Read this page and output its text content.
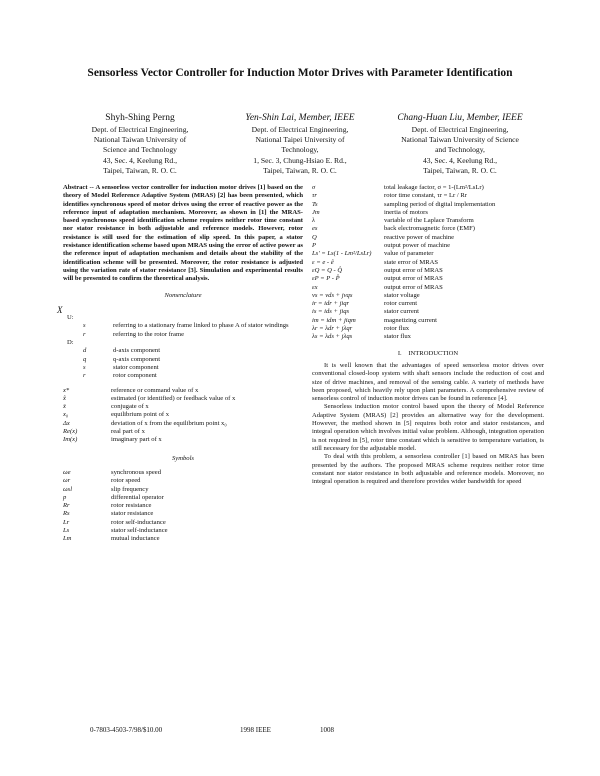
Sensorless Vector Controller for Induction Motor Drives with Parameter Identification
Shyh-Shing Perng
Dept. of Electrical Engineering,
National Taiwan University of
Science and Technology
43, Sec. 4, Keelung Rd.,
Taipei, Taiwan, R. O. C.
Yen-Shin Lai, Member, IEEE
Dept. of Electrical Engineering,
National Taipei University of
Technology,
1, Sec. 3, Chung-Hsiao E. Rd.,
Taipei, Taiwan, R. O. C.
Chang-Huan Liu, Member, IEEE
Dept. of Electrical Engineering,
National Taiwan University of Science
and Technology,
43, Sec. 4, Keelung Rd.,
Taipei, Taiwan, R. O. C.
Abstract -- A sensorless vector controller for induction motor drives [1] based on the theory of Model Reference Adaptive System (MRAS) [2] has been presented, which identifies synchronous speed of motor drives using the error of reactive power as the reference input of adaptation mechanism. Moreover, as shown in [1] the MRAS-based synchronous speed identification scheme requires neither rotor time constant nor stator resistance in both adjustable and reference models. However, rotor resistance is still used for the estimation of slip speed. In this paper, a stator resistance identification scheme based upon MRAS using the error of active power as the reference input of adaptation mechanism and details about the stability of the identification scheme will be presented. Moreover, the rotor resistance is adjusted using the variation rate of stator resistance [3]. Simulation and experimental results will be presented to confirm the theoretical analysis.
Nomenclature
X
U:
s	referring to a stationary frame linked to phase A of stator windings
r	referring to the rotor frame
D:
d	d-axis component
q	q-axis component
s	stator component
r	rotor component
x*	reference or command value of x
x̂	estimated (or identified) or feedback value of x
x̄	conjugate of x
x₀	equilibrium point of x
Δx	deviation of x from the equilibrium point x₀
Re(x)	real part of x
Im(x)	imaginary part of x
Symbols
ωe	synchronous speed
ωr	rotor speed
ωsl	slip frequency
p	differential operator
Rr	rotor resistance
Rs	stator resistance
Lr	rotor self-inductance
Ls	stator self-inductance
Lm	mutual inductance
σ	total leakage factor, σ = 1-(Lm²/LsLr)
τr	rotor time constant, τr = Lr / Rr
Ts	sampling period of digital implementation
Jm	inertia of motors
λ	variable of the Laplace Transform
es	back electromagnetic force (EMF)
Q	reactive power of machine
P	output power of machine
Ls' = Ls(1 - Lm²/LsLr)	value of parameter
ε = e - ê	state error of MRAS
εQ = Q - Q̂	output error of MRAS
εP = P - P̂	output error of MRAS
εx	output error of MRAS
vs = vds + jvqs	stator voltage
ir = idr + jiqr	rotor current
is = ids + jiqs	stator current
im = idm + jiqm	magnetizing current
λr = λdr + jλqr	rotor flux
λs = λds + jλqs	stator flux
I. INTRODUCTION

It is well known that the advantages of speed sensorless motor drives over conventional closed-loop system with shaft sensors include the reduction of cost and size of drive machines, and removal of the sensing cable. A variety of methods have been proposed, which heavily rely upon plant parameters. A comprehensive review of sensorless control of induction motor drives can be found in reference [4].

Sensorless induction motor control based upon the theory of Model Reference Adaptive System (MRAS) [2] provides an alternative way for the development. However, the method shown in [5] requires both rotor and stator resistances, and integral operation which involves initial value problem. Although, integration operation is not required in [5], rotor time constant which is sensitive to temperature variation, is still necessary for the adjustable model.

To deal with this problem, a sensorless controller [1] based on MRAS has been presented by the authors. The proposed MRAS scheme requires neither rotor time constant nor stator resistance in both adjustable and reference models. Moreover, no integral operation is required and therefore provides wider bandwidth for speed

0-7803-4503-7/98/$10.00	1998 IEEE	1008
